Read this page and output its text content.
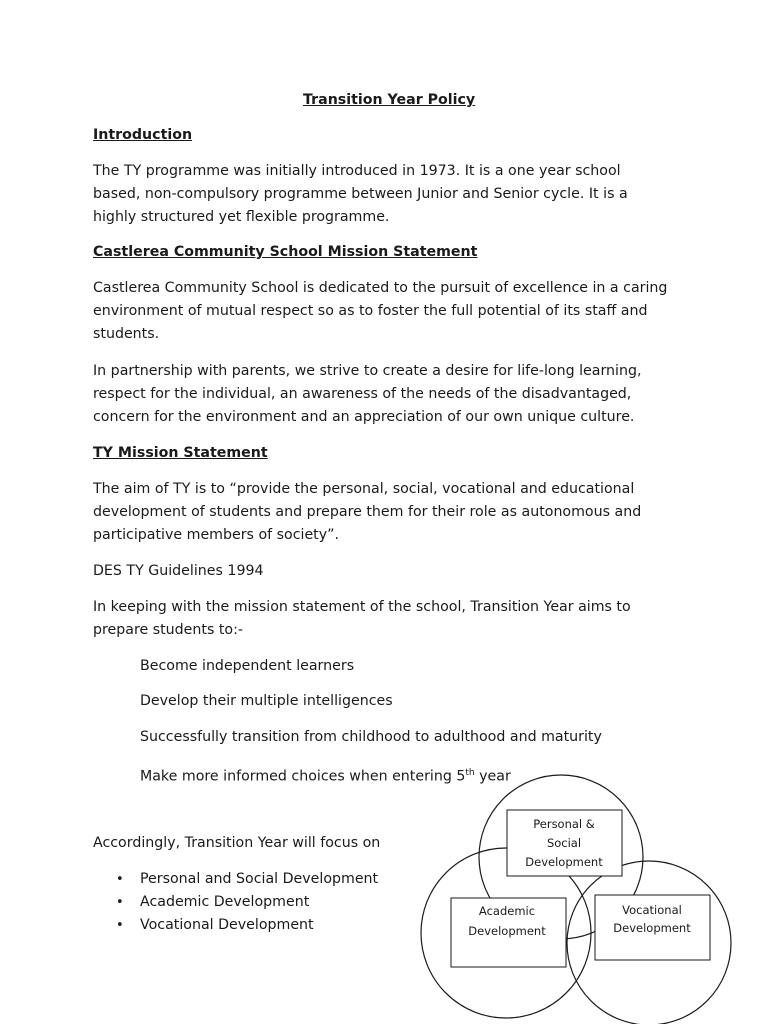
Transition Year Policy
Introduction
The TY programme was initially introduced in 1973. It is a one year school
based, non-compulsory programme between Junior and Senior cycle. It is a
highly structured yet flexible programme.
Castlerea Community School Mission Statement
Castlerea Community School is dedicated to the pursuit of excellence in a caring
environment of mutual respect so as to foster the full potential of its staff and
students.
In partnership with parents, we strive to create a desire for life-long learning,
respect for the individual, an awareness of the needs of the disadvantaged,
concern for the environment and an appreciation of our own unique culture.
TY Mission Statement
The aim of TY is to “provide the personal, social, vocational and educational
development of students and prepare them for their role as autonomous and
participative members of society”.
DES TY Guidelines 1994
In keeping with the mission statement of the school, Transition Year aims to
prepare students to:-
Become independent learners
Develop their multiple intelligences
Successfully transition from childhood to adulthood and maturity
Make more informed choices when entering 5th year
Accordingly, Transition Year will focus on
• Personal and Social Development
• Academic Development
• Vocational Development
Personal &
Social
Development
Academic
Development
Vocational
Development
